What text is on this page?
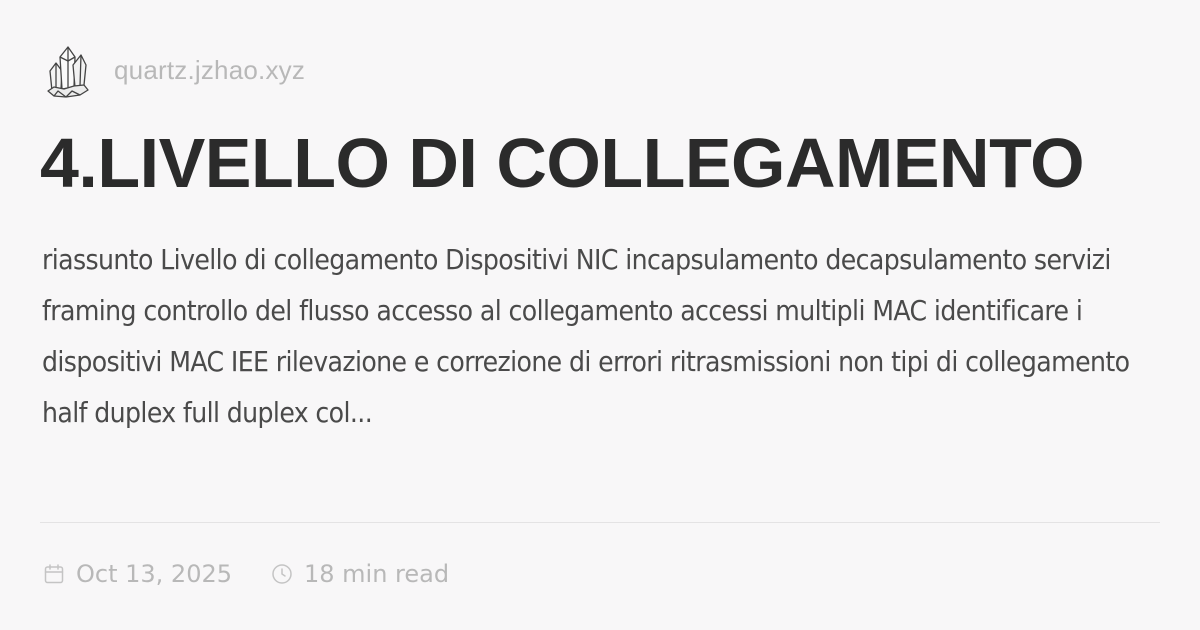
quartz.jzhao.xyz
4.LIVELLO DI COLLEGAMENTO

riassunto Livello di collegamento Dispositivi NIC incapsulamento decapsulamento servizi framing controllo del flusso accesso al collegamento accessi multipli MAC identificare i dispositivi MAC IEE rilevazione e correzione di errori ritrasmissioni non tipi di collegamento half duplex full duplex col...

Oct 13, 2025	18 min read
